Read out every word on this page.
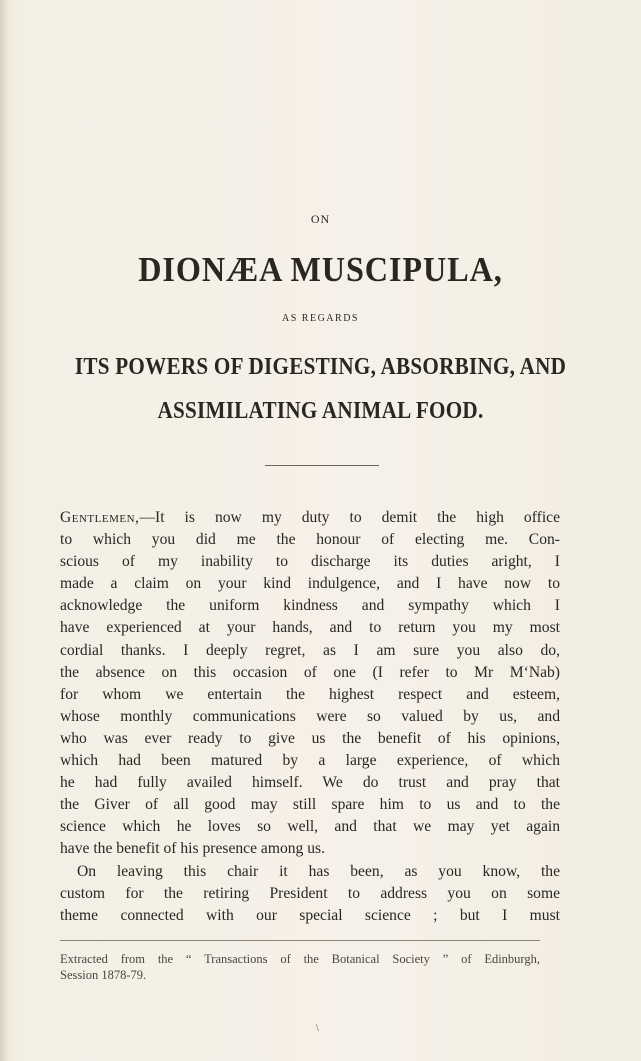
ON
DIONÆA MUSCIPULA,
AS REGARDS
ITS POWERS OF DIGESTING, ABSORBING, AND
ASSIMILATING ANIMAL FOOD.
Gentlemen,—It is now my duty to demit the high office
to which you did me the honour of electing me. Con-
scious of my inability to discharge its duties aright, I
made a claim on your kind indulgence, and I have now to
acknowledge the uniform kindness and sympathy which I
have experienced at your hands, and to return you my most
cordial thanks. I deeply regret, as I am sure you also do,
the absence on this occasion of one (I refer to Mr M‘Nab)
for whom we entertain the highest respect and esteem,
whose monthly communications were so valued by us, and
who was ever ready to give us the benefit of his opinions,
which had been matured by a large experience, of which
he had fully availed himself. We do trust and pray that
the Giver of all good may still spare him to us and to the
science which he loves so well, and that we may yet again
have the benefit of his presence among us.
On leaving this chair it has been, as you know, the
custom for the retiring President to address you on some
theme connected with our special science ; but I must
Extracted from the “ Transactions of the Botanical Society ” of Edinburgh,
Session 1878-79.
\
